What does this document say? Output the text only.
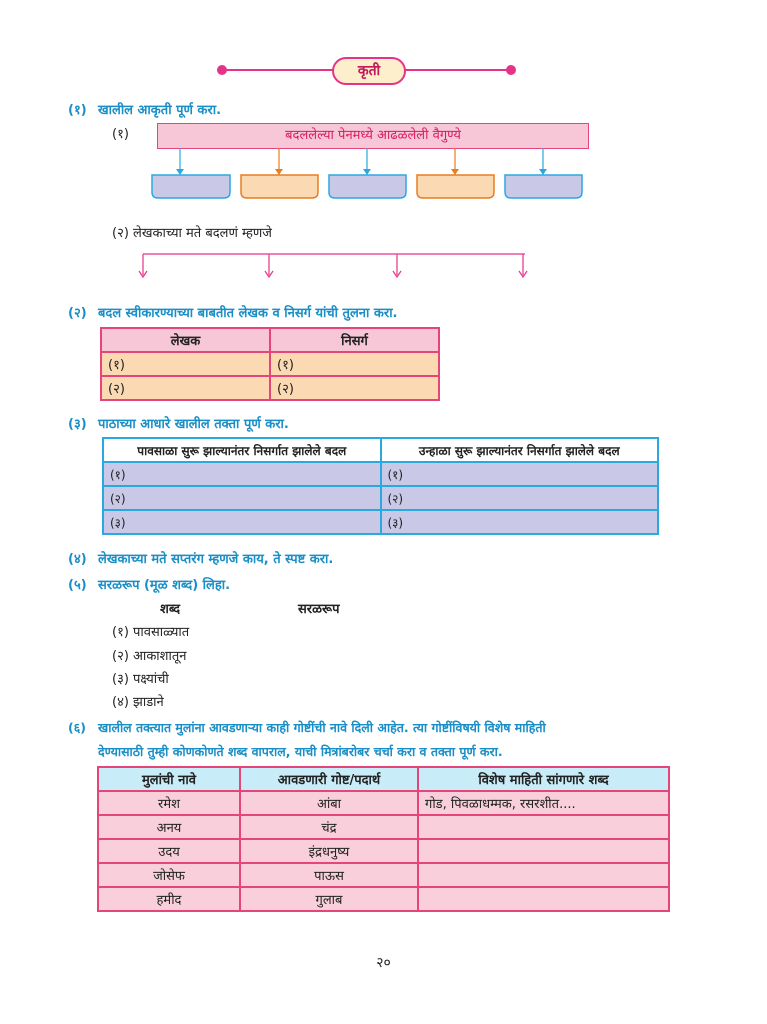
कृती
(१) खालील आकृती पूर्ण करा.
(१)	बदललेल्या पेनमध्ये आढळलेली वैगुण्ये
(२) लेखकाच्या मते बदलणं म्हणजे
(२) बदल स्वीकारण्याच्या बाबतीत लेखक व निसर्ग यांची तुलना करा.
लेखक	निसर्ग
(१)	(१)
(२)	(२)
(३) पाठाच्या आधारे खालील तक्ता पूर्ण करा.
पावसाळा सुरू झाल्यानंतर निसर्गात झालेले बदल	उन्हाळा सुरू झाल्यानंतर निसर्गात झालेले बदल
(१)	(१)
(२)	(२)
(३)	(३)
(४) लेखकाच्या मते सप्तरंग म्हणजे काय, ते स्पष्ट करा.
(५) सरळरूप (मूळ शब्द) लिहा.
शब्द	सरळरूप
(१) पावसाळ्यात
(२) आकाशातून
(३) पक्ष्यांची
(४) झाडाने
(६) खालील तक्त्यात मुलांना आवडणाऱ्या काही गोष्टींची नावे दिली आहेत. त्या गोष्टींविषयी विशेष माहिती
देण्यासाठी तुम्ही कोणकोणते शब्द वापराल, याची मित्रांबरोबर चर्चा करा व तक्ता पूर्ण करा.
मुलांची नावे	आवडणारी गोष्ट/पदार्थ	विशेष माहिती सांगणारे शब्द
रमेश	आंबा	गोड, पिवळाधम्मक, रसरशीत....
अनय	चंद्र	
उदय	इंद्रधनुष्य	
जोसेफ	पाऊस	
हमीद	गुलाब	
२०
